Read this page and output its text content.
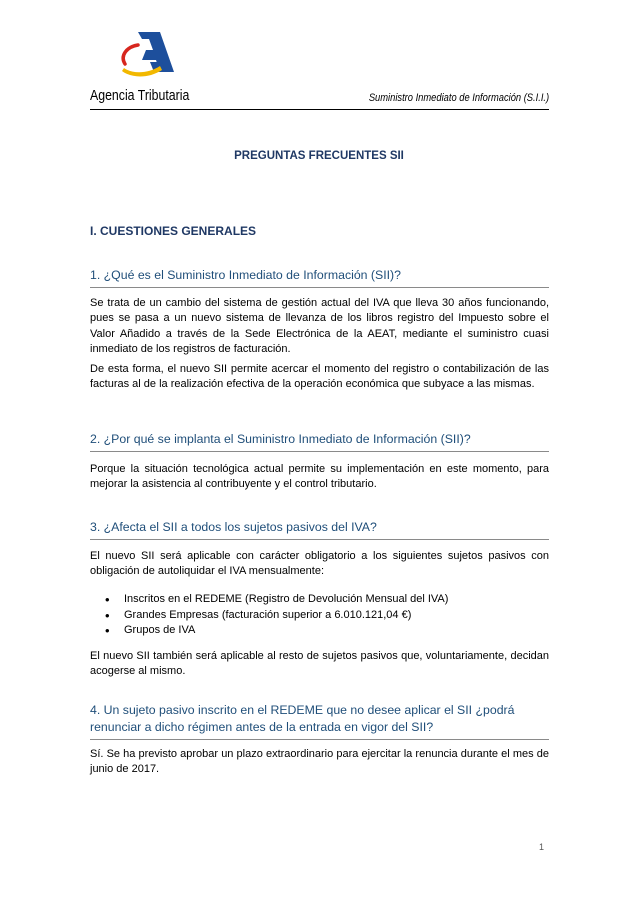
Agencia Tributaria	Suministro Inmediato de Información (S.I.I.)
PREGUNTAS FRECUENTES SII
I. CUESTIONES GENERALES
1. ¿Qué es el Suministro Inmediato de Información (SII)?

Se trata de un cambio del sistema de gestión actual del IVA que lleva 30 años funcionando, pues se pasa a un nuevo sistema de llevanza de los libros registro del Impuesto sobre el Valor Añadido a través de la Sede Electrónica de la AEAT, mediante el suministro cuasi inmediato de los registros de facturación.

De esta forma, el nuevo SII permite acercar el momento del registro o contabilización de las facturas al de la realización efectiva de la operación económica que subyace a las mismas.

2. ¿Por qué se implanta el Suministro Inmediato de Información (SII)?

Porque la situación tecnológica actual permite su implementación en este momento, para mejorar la asistencia al contribuyente y el control tributario.

3. ¿Afecta el SII a todos los sujetos pasivos del IVA?

El nuevo SII será aplicable con carácter obligatorio a los siguientes sujetos pasivos con obligación de autoliquidar el IVA mensualmente:

• Inscritos en el REDEME (Registro de Devolución Mensual del IVA)
• Grandes Empresas (facturación superior a 6.010.121,04 €)
• Grupos de IVA

El nuevo SII también será aplicable al resto de sujetos pasivos que, voluntariamente, decidan acogerse al mismo.

4. Un sujeto pasivo inscrito en el REDEME que no desee aplicar el SII ¿podrá renunciar a dicho régimen antes de la entrada en vigor del SII?

Sí. Se ha previsto aprobar un plazo extraordinario para ejercitar la renuncia durante el mes de junio de 2017.

1
